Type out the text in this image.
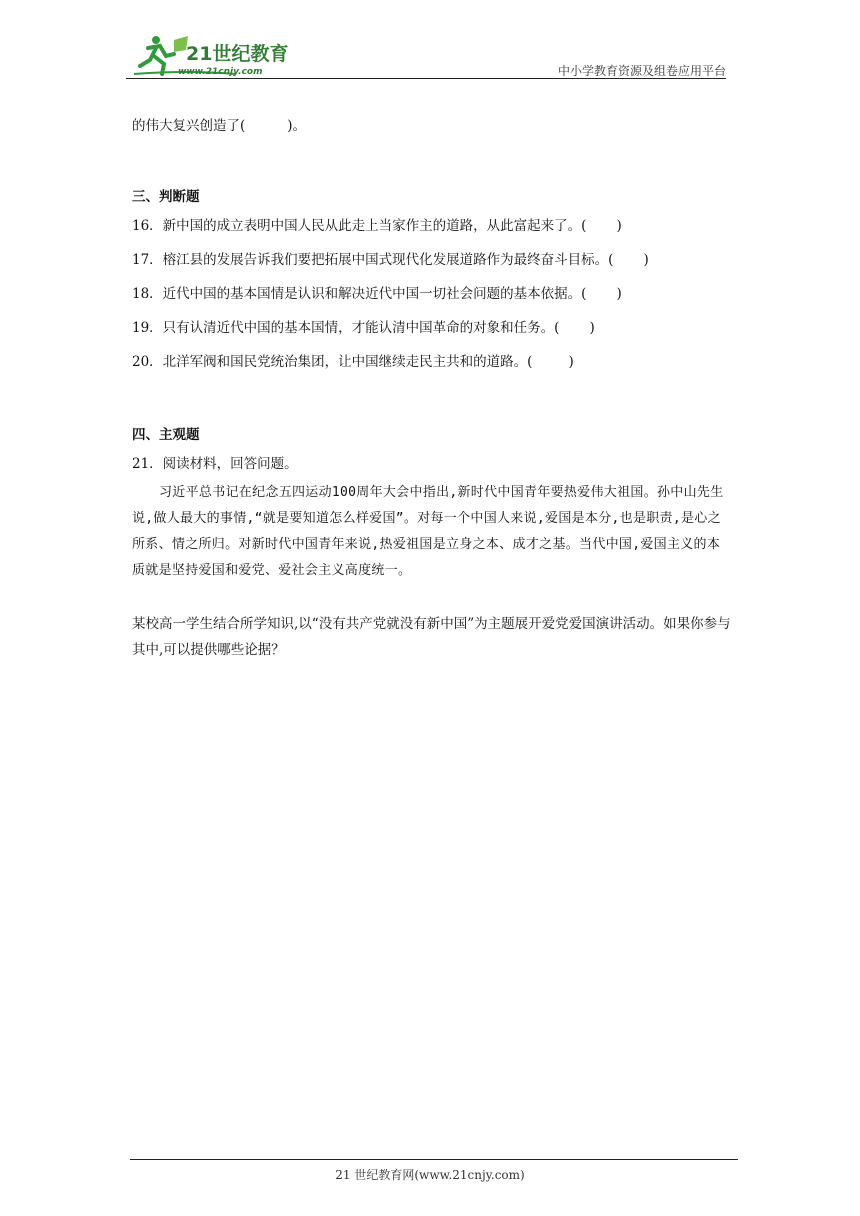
21世纪教育
www.21cnjy.com	中小学教育资源及组卷应用平台
的伟大复兴创造了(	)。
三、判断题
16．新中国的成立表明中国人民从此走上当家作主的道路，从此富起来了。( )
17．榕江县的发展告诉我们要把拓展中国式现代化发展道路作为最终奋斗目标。( )
18．近代中国的基本国情是认识和解决近代中国一切社会问题的基本依据。( )
19．只有认清近代中国的基本国情，才能认清中国革命的对象和任务。( )
20．北洋军阀和国民党统治集团，让中国继续走民主共和的道路。(	)
四、主观题
21．阅读材料，回答问题。
习近平总书记在纪念五四运动100周年大会中指出,新时代中国青年要热爱伟大祖国。孙中山先生说,做人最大的事情,“就是要知道怎么样爱国”。对每一个中国人来说,爱国是本分,也是职责,是心之所系、情之所归。对新时代中国青年来说,热爱祖国是立身之本、成才之基。当代中国,爱国主义的本质就是坚持爱国和爱党、爱社会主义高度统一。
某校高一学生结合所学知识,以“没有共产党就没有新中国”为主题展开爱党爱国演讲活动。如果你参与其中,可以提供哪些论据？
21 世纪教育网(www.21cnjy.com)
